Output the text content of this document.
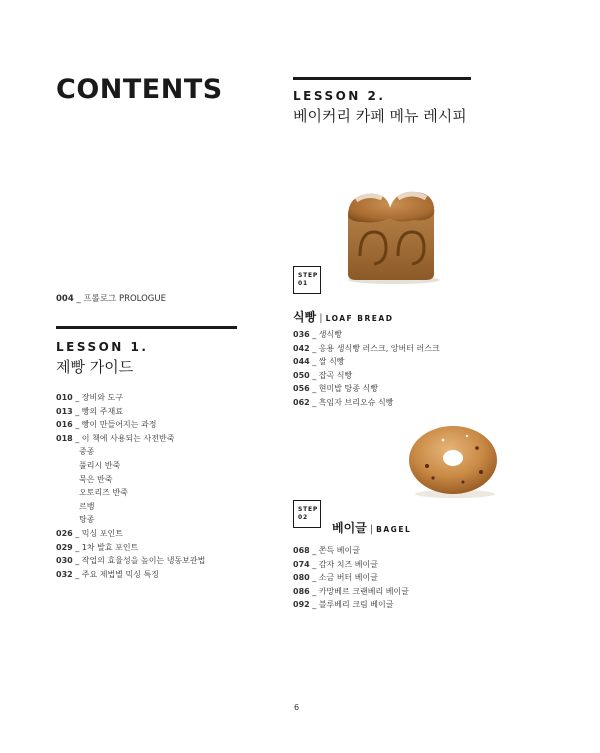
CONTENTS
004 _ 프롤로그 PROLOGUE
LESSON 1.
제빵 가이드
010 _ 장비와 도구
013 _ 빵의 주재료
016 _ 빵이 만들어지는 과정
018 _ 이 책에 사용되는 사전반죽
중종
풀리시 반죽
묵은 반죽
오토리즈 반죽
르뱅
탕종
026 _ 믹싱 포인트
029 _ 1차 발효 포인트
030 _ 작업의 효율성을 높이는 냉동보관법
032 _ 주요 제법별 믹싱 특징
LESSON 2.
베이커리 카페 메뉴 레시피
STEP
01
식빵 | LOAF BREAD
036 _ 생식빵
042 _ 응용 생식빵 러스크, 앙버터 러스크
044 _ 쌀 식빵
050 _ 잡곡 식빵
056 _ 현미밥 탕종 식빵
062 _ 흑임자 브리오슈 식빵
STEP
02
베이글 | BAGEL
068 _ 쫀득 베이글
074 _ 감자 치즈 베이글
080 _ 소금 버터 베이글
086 _ 카망베르 크랜베리 베이글
092 _ 블루베리 크림 베이글
6
